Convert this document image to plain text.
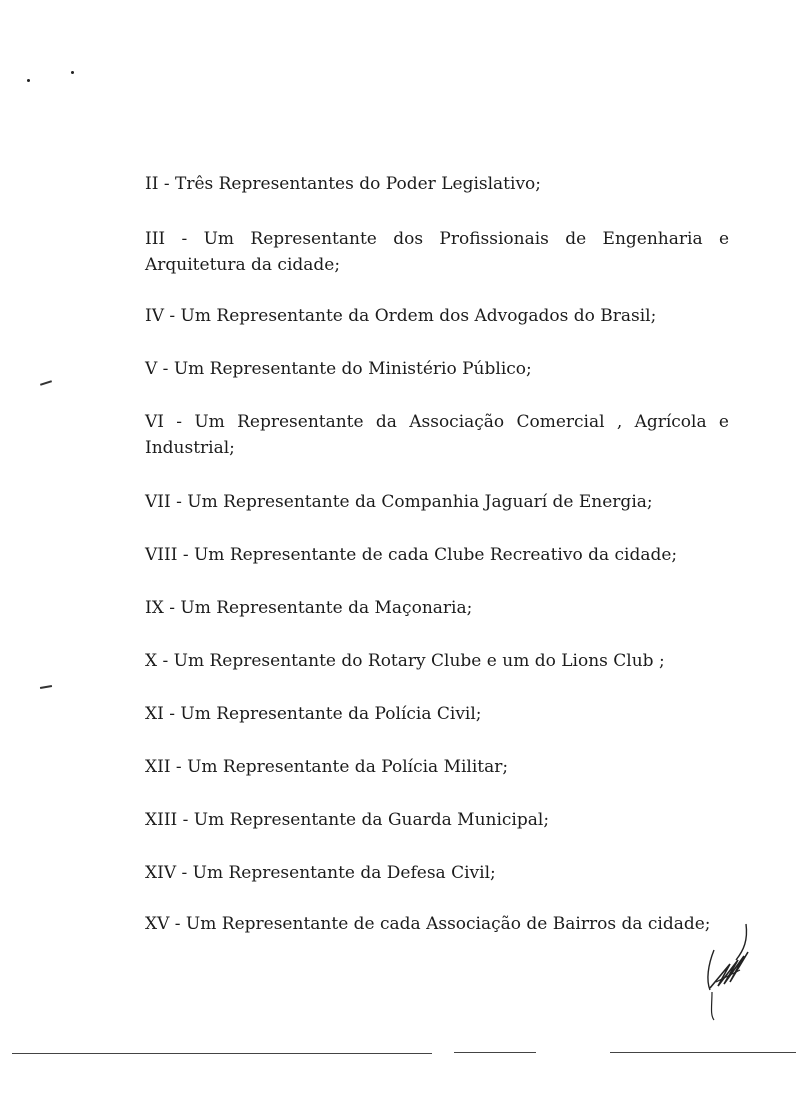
II - Três Representantes do Poder Legislativo;

III - Um Representante dos Profissionais de Engenharia e Arquitetura da cidade;

IV - Um Representante da Ordem dos Advogados do Brasil;

V - Um Representante do Ministério Público;

VI - Um Representante da Associação Comercial , Agrícola e Industrial;

VII - Um Representante da Companhia Jaguarí de Energia;

VIII - Um Representante de cada Clube Recreativo da cidade;

IX - Um Representante da Maçonaria;

X - Um Representante do Rotary Clube e um do Lions Club ;

XI - Um Representante da Polícia Civil;

XII - Um Representante da Polícia Militar;

XIII - Um Representante da Guarda Municipal;

XIV - Um Representante da Defesa Civil;

XV - Um Representante de cada Associação de Bairros da cidade;
